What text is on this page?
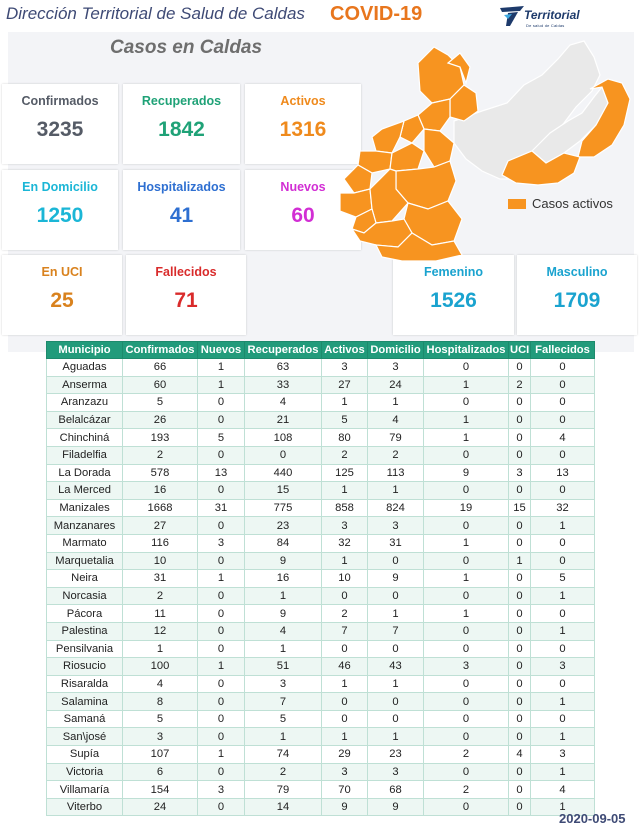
Dirección Territorial de Salud de Caldas COVID-19	Territorial
De salud de Caldas
Casos en Caldas
Confirmados
3235
Recuperados
1842
Activos
1316
En Domicilio
1250
Hospitalizados
41
Nuevos
60
En UCI
25
Fallecidos
71
Femenino
1526
Masculino
1709
Casos activos
Municipio	Confirmados	Nuevos	Recuperados	Activos	Domicilio	Hospitalizados	UCI	Fallecidos
Aguadas	66	1	63	3	3	0	0	0
Anserma	60	1	33	27	24	1	2	0
Aranzazu	5	0	4	1	1	0	0	0
Belalcázar	26	0	21	5	4	1	0	0
Chinchiná	193	5	108	80	79	1	0	4
Filadelfia	2	0	0	2	2	0	0	0
La Dorada	578	13	440	125	113	9	3	13
La Merced	16	0	15	1	1	0	0	0
Manizales	1668	31	775	858	824	19	15	32
Manzanares	27	0	23	3	3	0	0	1
Marmato	116	3	84	32	31	1	0	0
Marquetalia	10	0	9	1	0	0	1	0
Neira	31	1	16	10	9	1	0	5
Norcasia	2	0	1	0	0	0	0	1
Pácora	11	0	9	2	1	1	0	0
Palestina	12	0	4	7	7	0	0	1
Pensilvania	1	0	1	0	0	0	0	0
Riosucio	100	1	51	46	43	3	0	3
Risaralda	4	0	3	1	1	0	0	0
Salamina	8	0	7	0	0	0	0	1
Samaná	5	0	5	0	0	0	0	0
San\josé	3	0	1	1	1	0	0	1
Supía	107	1	74	29	23	2	4	3
Victoria	6	0	2	3	3	0	0	1
Villamaría	154	3	79	70	68	2	0	4
Viterbo	24	0	14	9	9	0	0	1
2020-09-05
